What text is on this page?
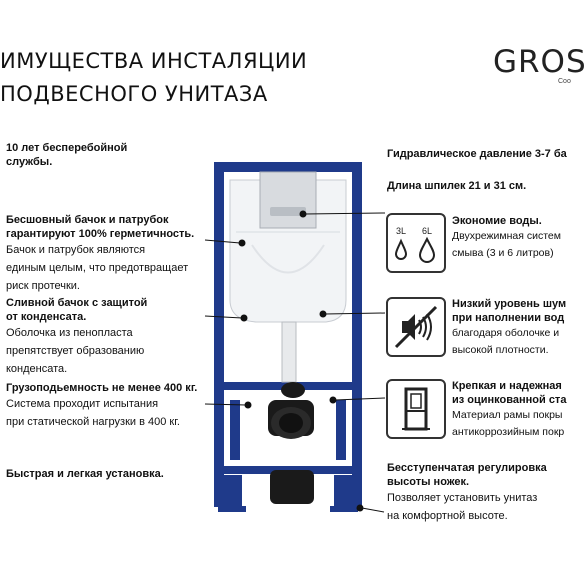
ИМУЩЕСТВА ИНСТАЛЯЦИИ
ПОДВЕСНОГО УНИТАЗА
GROS
Coo
10 лет бесперебойной
службы.
Бесшовный бачок и патрубок
гарантируют 100% герметичность.
Бачок и патрубок являются
единым целым, что предотвращает
риск протечки.
Сливной бачок с защитой
от конденсата.
Оболочка из пенопласта
препятствует образованию
конденсата.
Грузоподьемность не менее 400 кг.
Система проходит испытания
при статической нагрузки в 400 кг.
Быстрая и легкая установка.
Гидравлическое давление 3-7 ба
Длина шпилек 21 и 31 см.
Экономие воды.
Двухрежимная систем
смыва (3 и 6 литров)
Низкий уровень шум
при наполнении вод
благодаря оболочке и
высокой плотности.
Крепкая и надежная
из оцинкованной ста
Материал рамы покры
антикоррозийным покр
Бесступенчатая регулировка
высоты ножек.
Позволяет установить унитаз
на комфортной высоте.
3L 6L
